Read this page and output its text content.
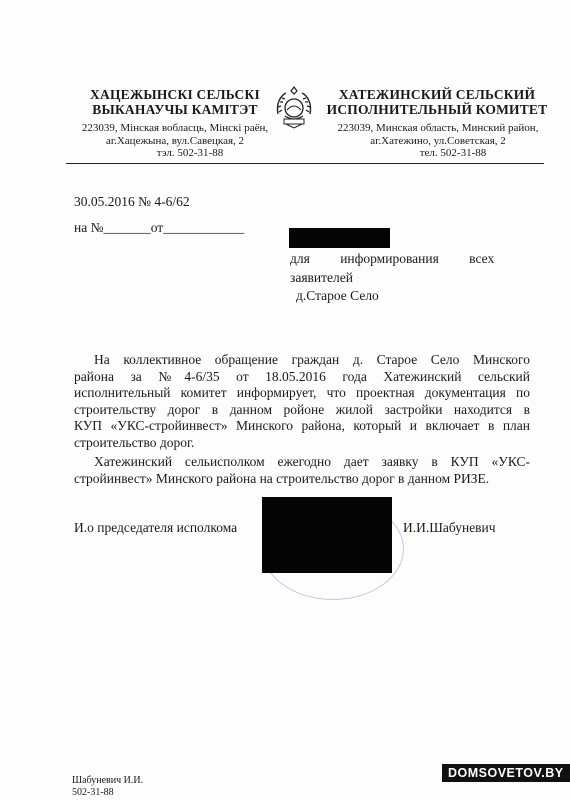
ХАЦЕЖЫНСКІ СЕЛЬСКІ
ВЫКАНАУЧЫ КАМІТЭТ
223039, Мінская вобласць, Мінскі раён,
аг.Хацежына, вул.Савецкая, 2
тэл. 502-31-88
ХАТЕЖИНСКИЙ СЕЛЬСКИЙ
ИСПОЛНИТЕЛЬНЫЙ КОМИТЕТ
223039, Минская область, Минский район,
аг.Хатежино, ул.Советская, 2
тел. 502-31-88
30.05.2016 № 4-6/62
на №_______от____________
для         информирования         всех
заявителей
д.Старое Село
На коллективное обращение граждан д. Старое Село Минского
района за №4-6/35 от 18.05.2016 года Хатежинский сельский
исполнительный комитет информирует, что проектная документация по
строительству дорог в данном ройоне жилой застройки находится в
КУП «УКС-стройинвест» Минского района, который и включает в план
строительство дорог.
Хатежинский сельисполком ежегодно дает заявку в КУП «УКС-
стройинвест» Минского района на строительство дорог в данном РИЗЕ.
И.о председателя исполкома	И.И.Шабуневич
Шабуневич И.И.
502-31-88
DOMSOVETOV.BY
